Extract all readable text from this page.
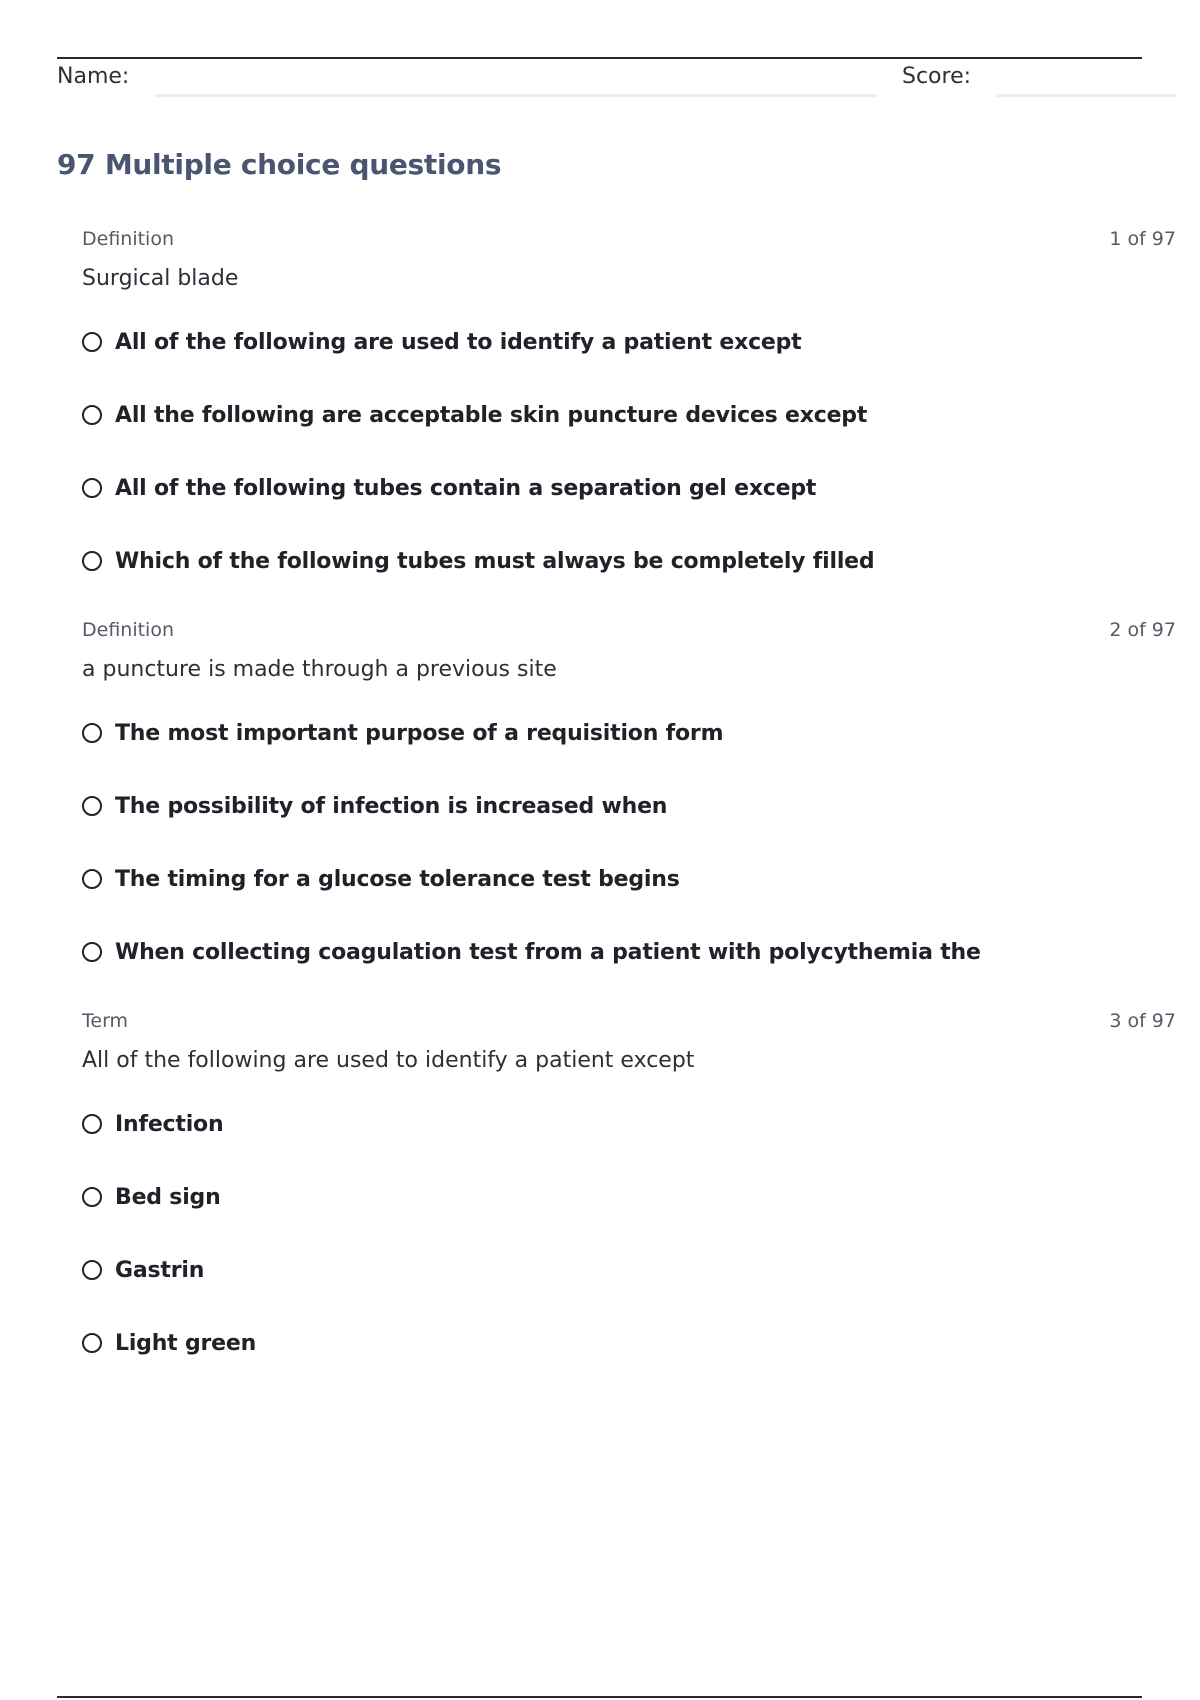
Name:	Score:
97 Multiple choice questions
Definition	1 of 97
Surgical blade
All of the following are used to identify a patient except
All the following are acceptable skin puncture devices except
All of the following tubes contain a separation gel except
Which of the following tubes must always be completely filled
Definition	2 of 97
a puncture is made through a previous site
The most important purpose of a requisition form
The possibility of infection is increased when
The timing for a glucose tolerance test begins
When collecting coagulation test from a patient with polycythemia the
Term	3 of 97
All of the following are used to identify a patient except
Infection
Bed sign
Gastrin
Light green
